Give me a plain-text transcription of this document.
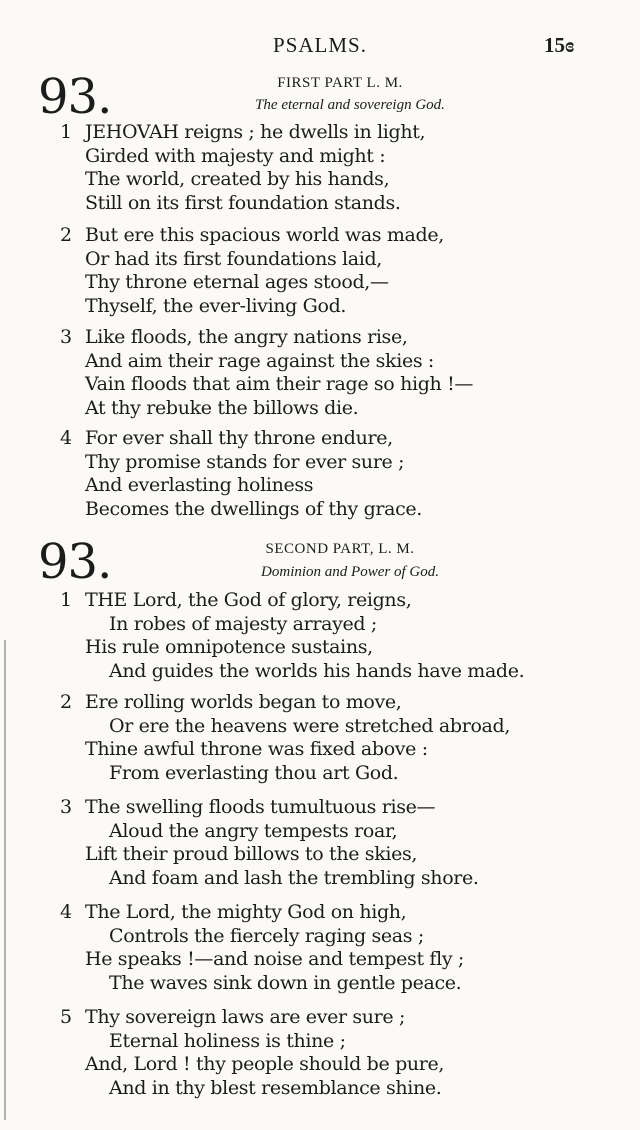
PSALMS.	15ɞ
93.	FIRST PART L. M.
The eternal and sovereign God.
1 JEHOVAH reigns ; he dwells in light,
Girded with majesty and might :
The world, created by his hands,
Still on its first foundation stands.
2 But ere this spacious world was made,
Or had its first foundations laid,
Thy throne eternal ages stood,—
Thyself, the ever-living God.
3 Like floods, the angry nations rise,
And aim their rage against the skies :
Vain floods that aim their rage so high !—
At thy rebuke the billows die.
4 For ever shall thy throne endure,
Thy promise stands for ever sure ;
And everlasting holiness
Becomes the dwellings of thy grace.
93.	SECOND PART, L. M.
Dominion and Power of God.
1 THE Lord, the God of glory, reigns,
In robes of majesty arrayed ;
His rule omnipotence sustains,
And guides the worlds his hands have made.
2 Ere rolling worlds began to move,
Or ere the heavens were stretched abroad,
Thine awful throne was fixed above :
From everlasting thou art God.
3 The swelling floods tumultuous rise—
Aloud the angry tempests roar,
Lift their proud billows to the skies,
And foam and lash the trembling shore.
4 The Lord, the mighty God on high,
Controls the fiercely raging seas ;
He speaks !—and noise and tempest fly ;
The waves sink down in gentle peace.
5 Thy sovereign laws are ever sure ;
Eternal holiness is thine ;
And, Lord ! thy people should be pure,
And in thy blest resemblance shine.
